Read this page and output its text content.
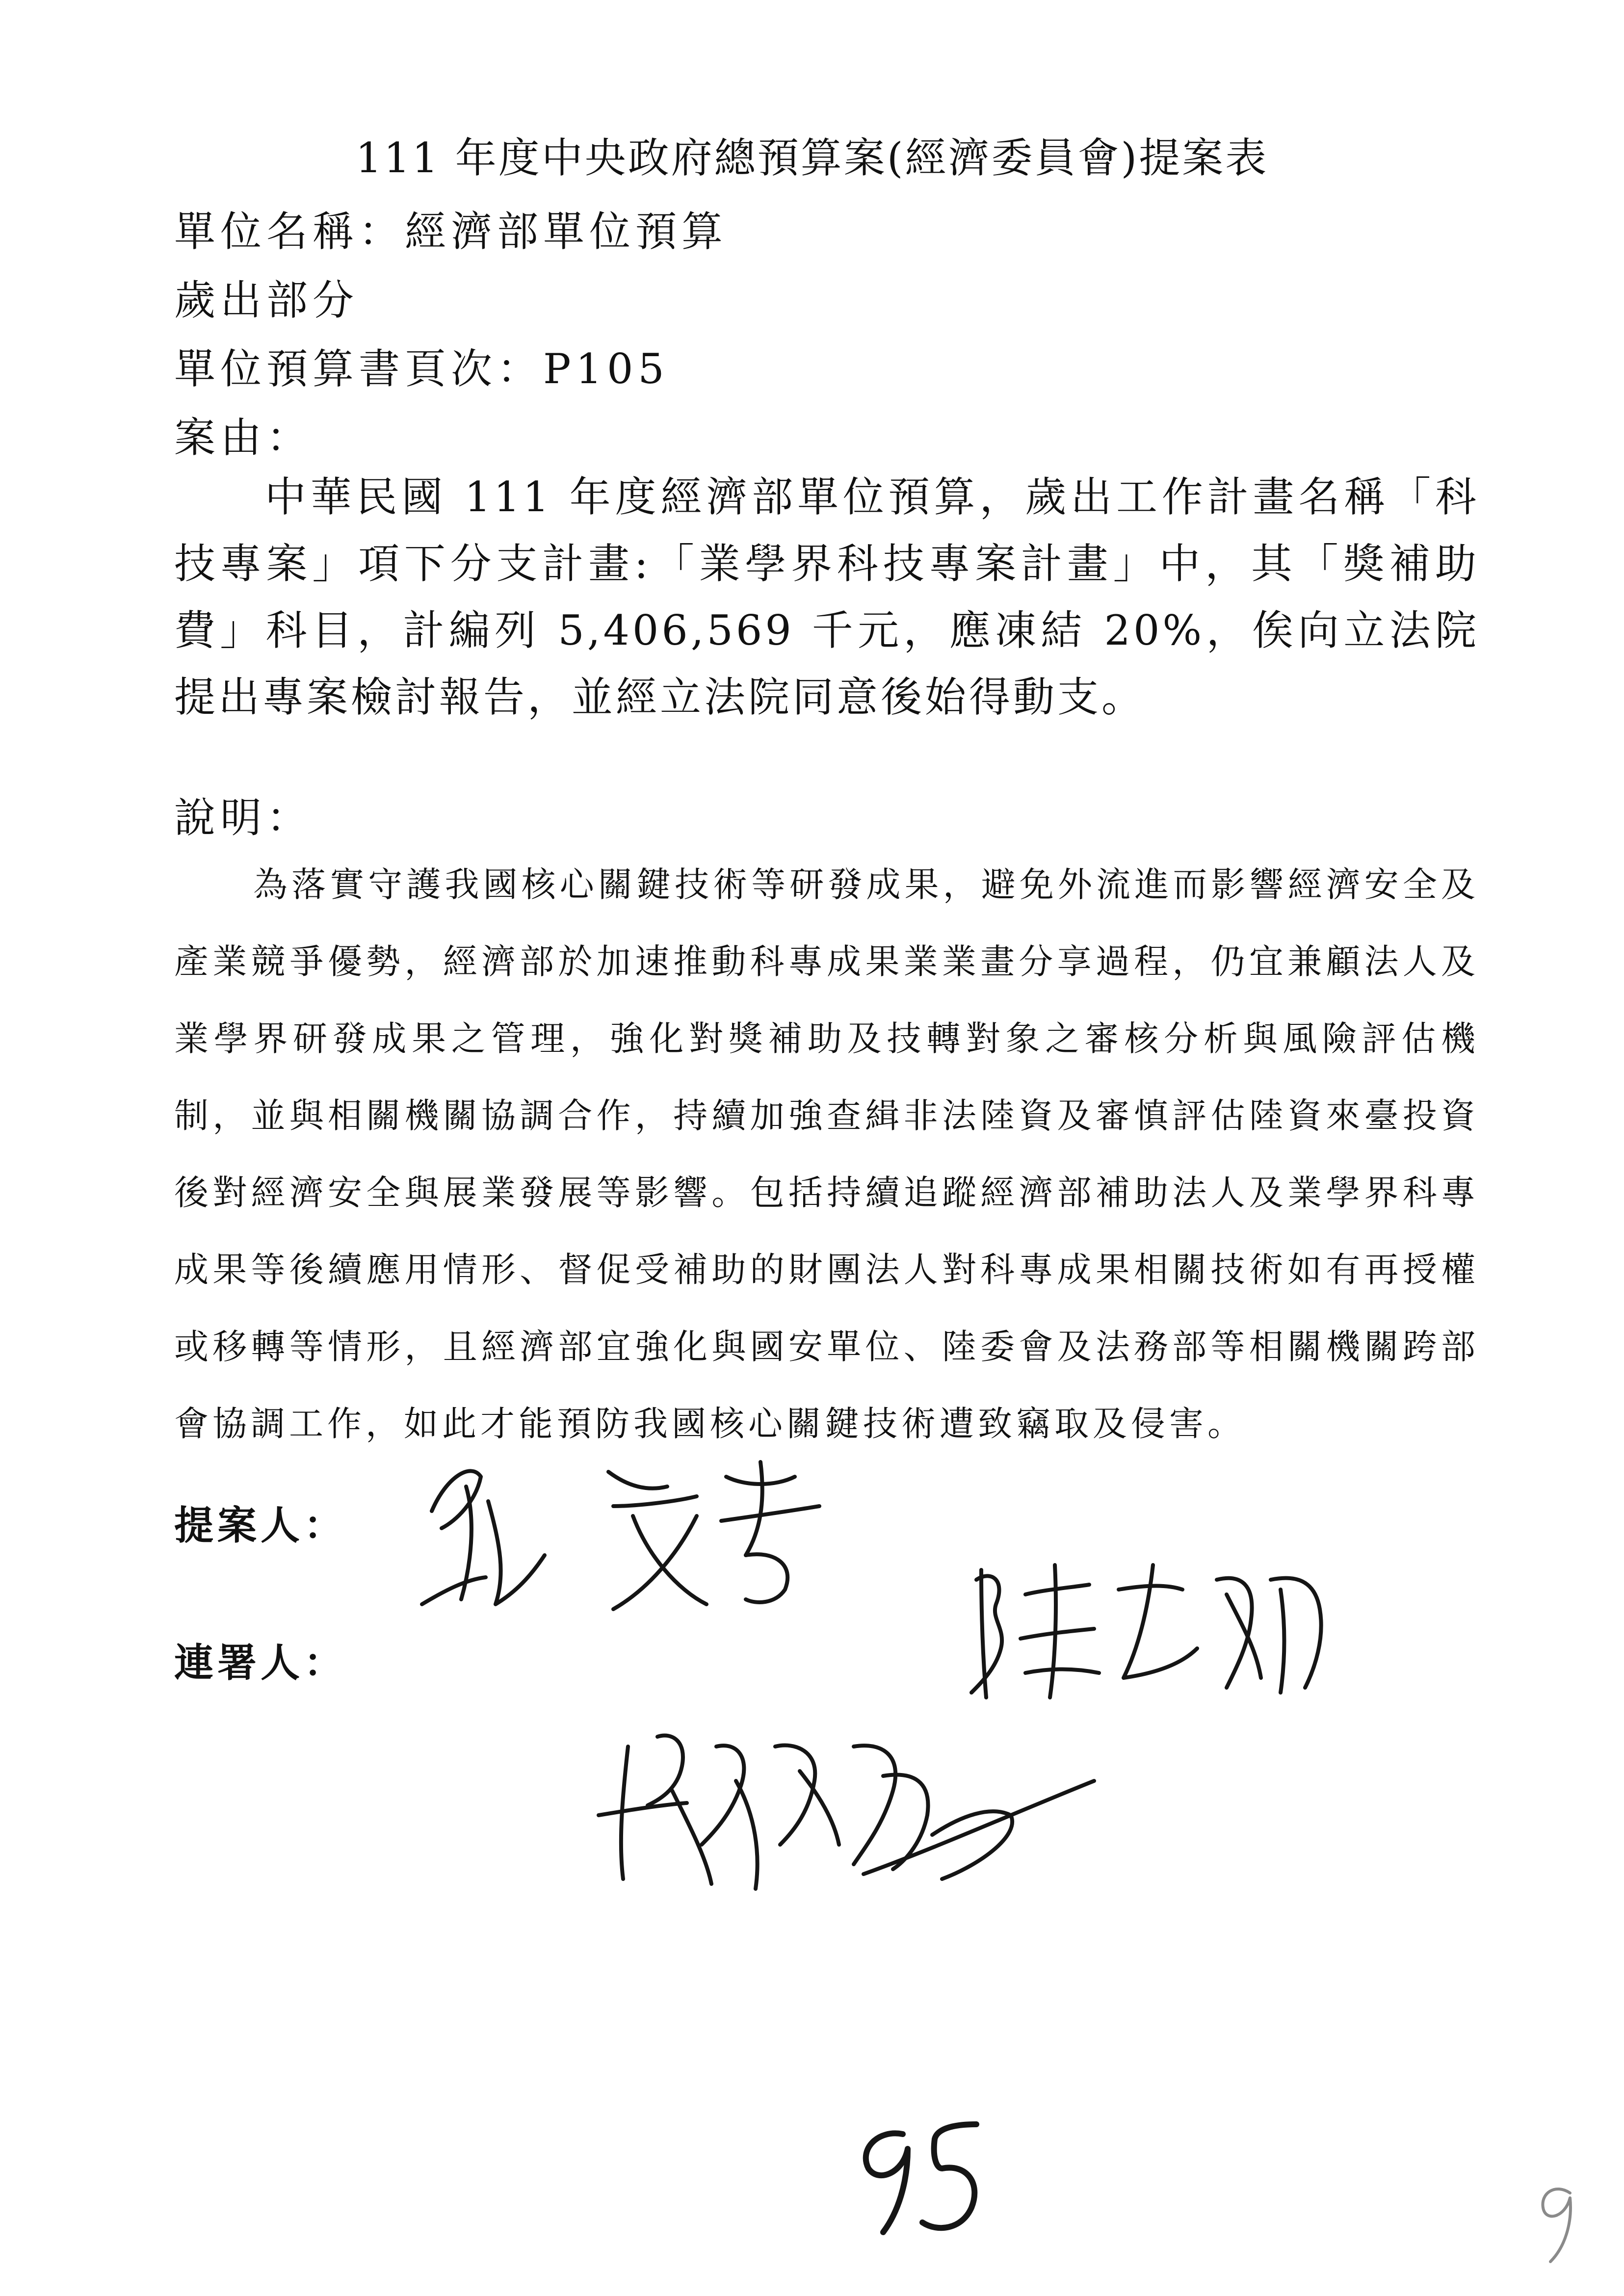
111 年度中央政府總預算案(經濟委員會)提案表
單位名稱：經濟部單位預算
歲出部分
單位預算書頁次：P105
案由：
中華民國 111 年度經濟部單位預算，歲出工作計畫名稱「科技專案」項下分支計畫:「業學界科技專案計畫」中，其「獎補助費」科目，計編列 5,406,569 千元，應凍結 20%，俟向立法院提出專案檢討報告，並經立法院同意後始得動支。
說明：
為落實守護我國核心關鍵技術等研發成果，避免外流進而影響經濟安全及產業競爭優勢，經濟部於加速推動科專成果業業畫分享過程，仍宜兼顧法人及業學界研發成果之管理，強化對獎補助及技轉對象之審核分析與風險評估機制，並與相關機關協調合作，持續加強查緝非法陸資及審慎評估陸資來臺投資後對經濟安全與展業發展等影響。包括持續追蹤經濟部補助法人及業學界科專成果等後續應用情形、督促受補助的財團法人對科專成果相關技術如有再授權或移轉等情形，且經濟部宜強化與國安單位、陸委會及法務部等相關機關跨部會協調工作，如此才能預防我國核心關鍵技術遭致竊取及侵害。
提案人：
連署人：
